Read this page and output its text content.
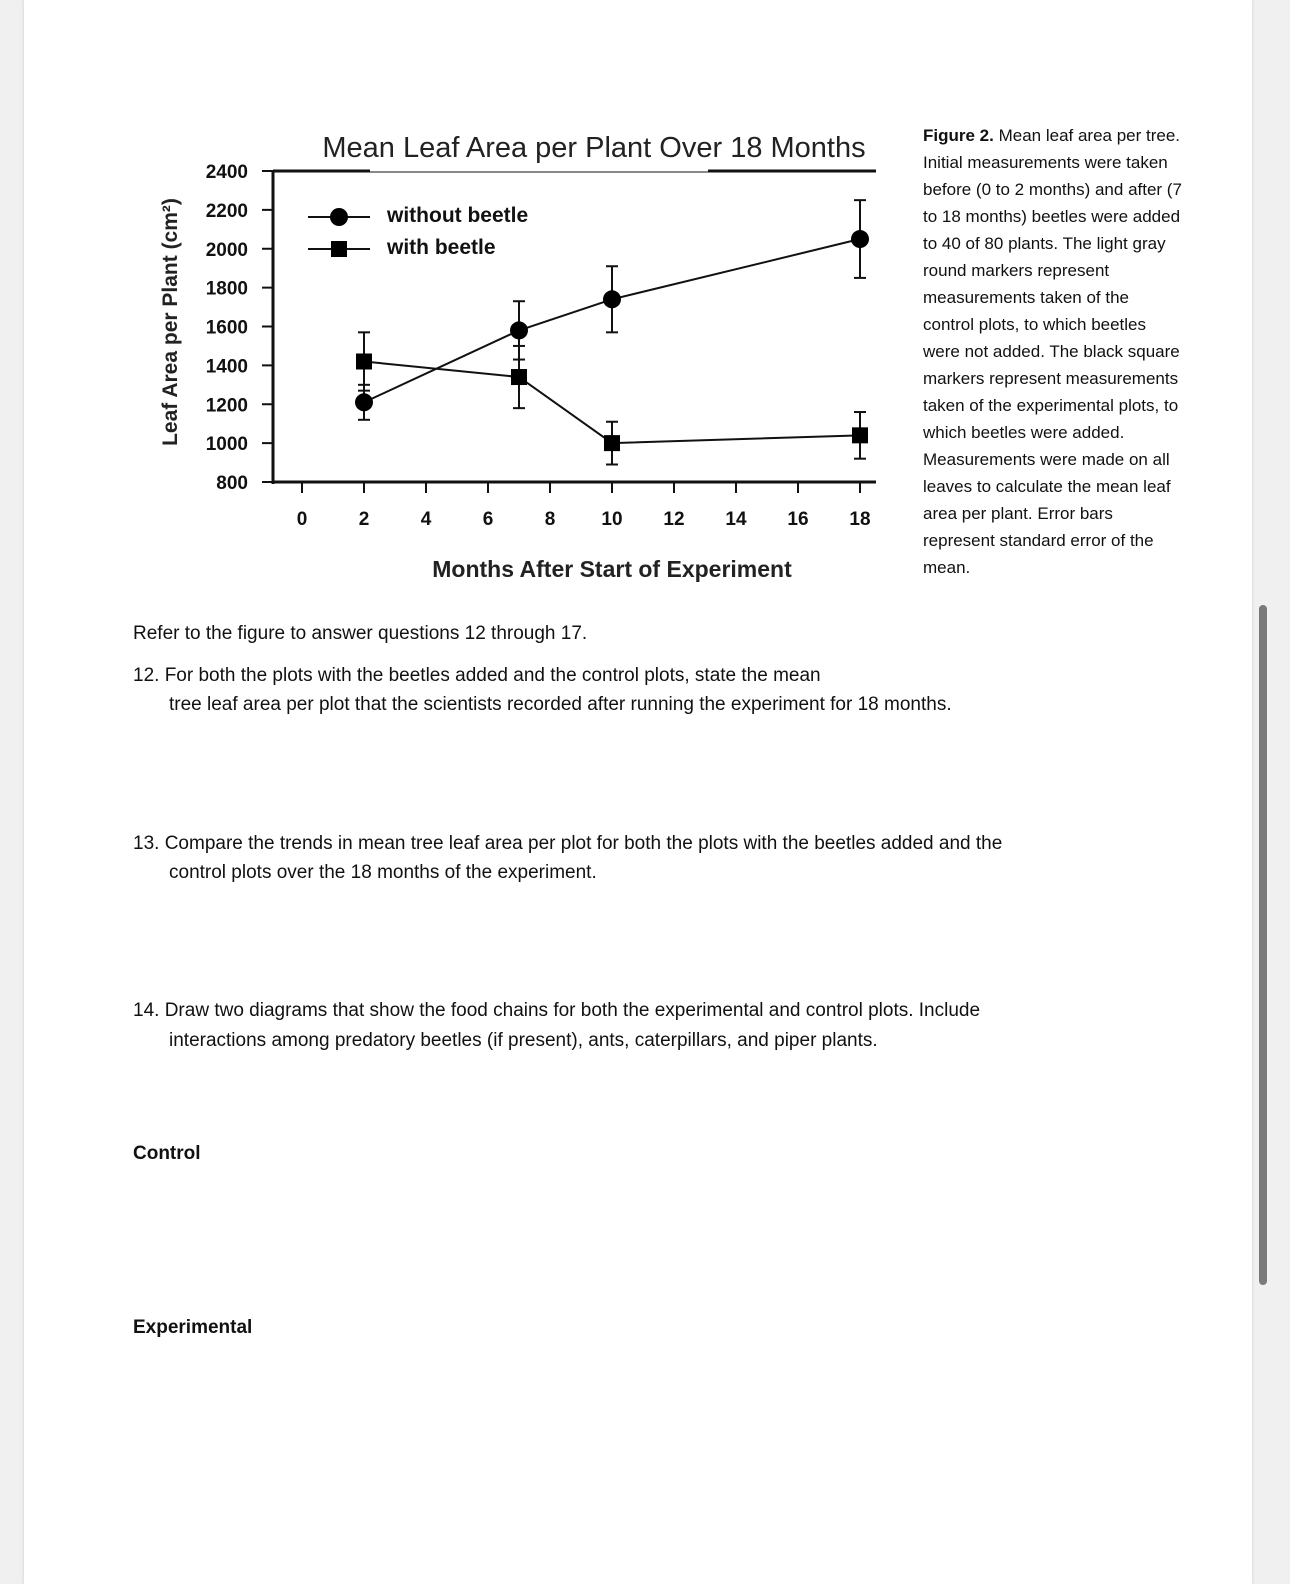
Mean Leaf Area per Plant Over 18 Months
Leaf Area per Plant (cm²)
Months After Start of Experiment
2400
2200
2000
1800
1600
1400
1200
1000
800
0	2	4	6	8 10 12 14 16 18
without beetle
with beetle
Figure 2. Mean leaf area per tree. Initial measurements were taken before (0 to 2 months) and after (7 to 18 months) beetles were added to 40 of 80 plants. The light gray round markers represent measurements taken of the control plots, to which beetles were not added. The black square markers represent measurements taken of the experimental plots, to which beetles were added. Measurements were made on all leaves to calculate the mean leaf area per plant. Error bars represent standard error of the mean.
Refer to the figure to answer questions 12 through 17.
12. For both the plots with the beetles added and the control plots, state the mean
tree leaf area per plot that the scientists recorded after running the experiment for 18 months.
13. Compare the trends in mean tree leaf area per plot for both the plots with the beetles added and the
control plots over the 18 months of the experiment.
14. Draw two diagrams that show the food chains for both the experimental and control plots. Include
interactions among predatory beetles (if present), ants, caterpillars, and piper plants.
Control
Experimental
